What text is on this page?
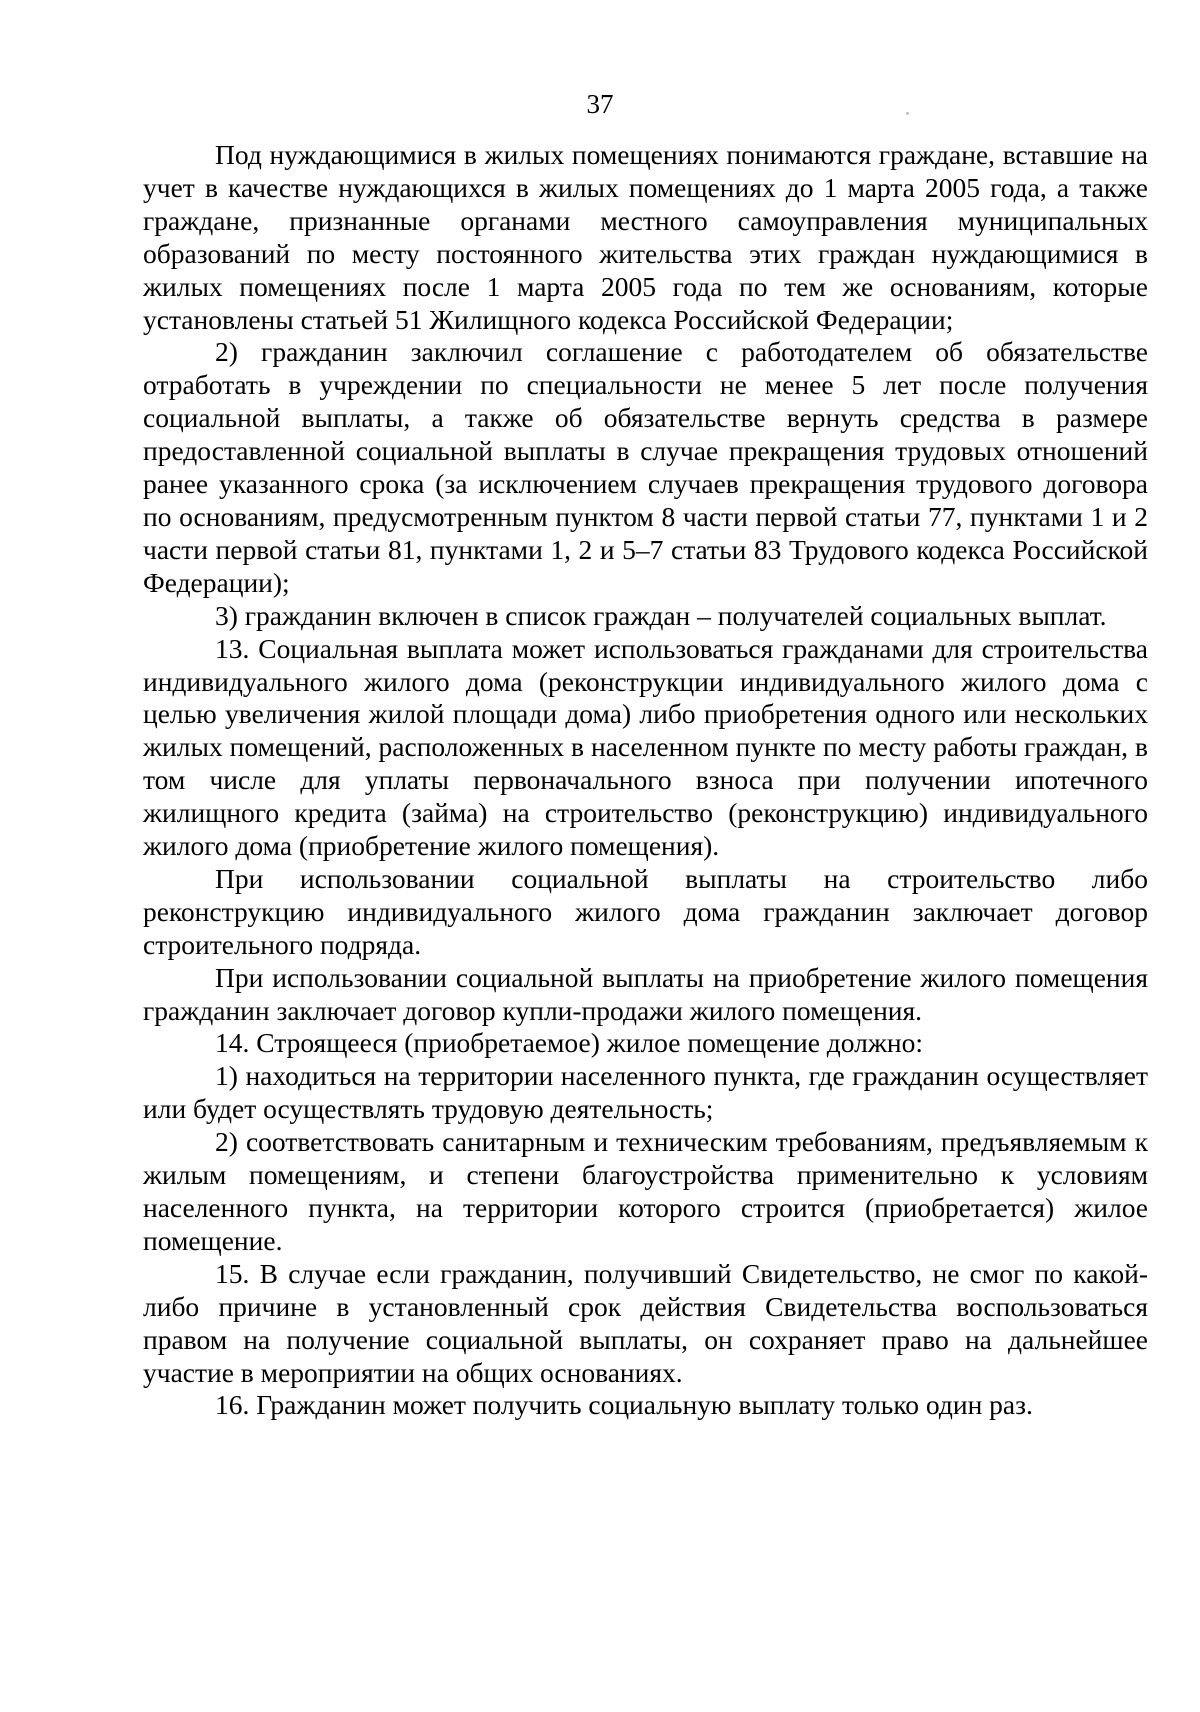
37

Под нуждающимися в жилых помещениях понимаются граждане, вставшие на учет в качестве нуждающихся в жилых помещениях до 1 марта 2005 года, а также граждане, признанные органами местного самоуправления муниципальных образований по месту постоянного жительства этих граждан нуждающимися в жилых помещениях после 1 марта 2005 года по тем же основаниям, которые установлены статьей 51 Жилищного кодекса Российской Федерации;

2) гражданин заключил соглашение с работодателем об обязательстве отработать в учреждении по специальности не менее 5 лет после получения социальной выплаты, а также об обязательстве вернуть средства в размере предоставленной социальной выплаты в случае прекращения трудовых отношений ранее указанного срока (за исключением случаев прекращения трудового договора по основаниям, предусмотренным пунктом 8 части первой статьи 77, пунктами 1 и 2 части первой статьи 81, пунктами 1, 2 и 5–7 статьи 83 Трудового кодекса Российской Федерации);

3) гражданин включен в список граждан – получателей социальных выплат.

13. Социальная выплата может использоваться гражданами для строительства индивидуального жилого дома (реконструкции индивидуального жилого дома с целью увеличения жилой площади дома) либо приобретения одного или нескольких жилых помещений, расположенных в населенном пункте по месту работы граждан, в том числе для уплаты первоначального взноса при получении ипотечного жилищного кредита (займа) на строительство (реконструкцию) индивидуального жилого дома (приобретение жилого помещения).

При использовании социальной выплаты на строительство либо реконструкцию индивидуального жилого дома гражданин заключает договор строительного подряда.

При использовании социальной выплаты на приобретение жилого помещения гражданин заключает договор купли-продажи жилого помещения.

14. Строящееся (приобретаемое) жилое помещение должно:

1) находиться на территории населенного пункта, где гражданин осуществляет или будет осуществлять трудовую деятельность;

2) соответствовать санитарным и техническим требованиям, предъявляемым к жилым помещениям, и степени благоустройства применительно к условиям населенного пункта, на территории которого строится (приобретается) жилое помещение.

15. В случае если гражданин, получивший Свидетельство, не смог по какой-либо причине в установленный срок действия Свидетельства воспользоваться правом на получение социальной выплаты, он сохраняет право на дальнейшее участие в мероприятии на общих основаниях.

16. Гражданин может получить социальную выплату только один раз.
